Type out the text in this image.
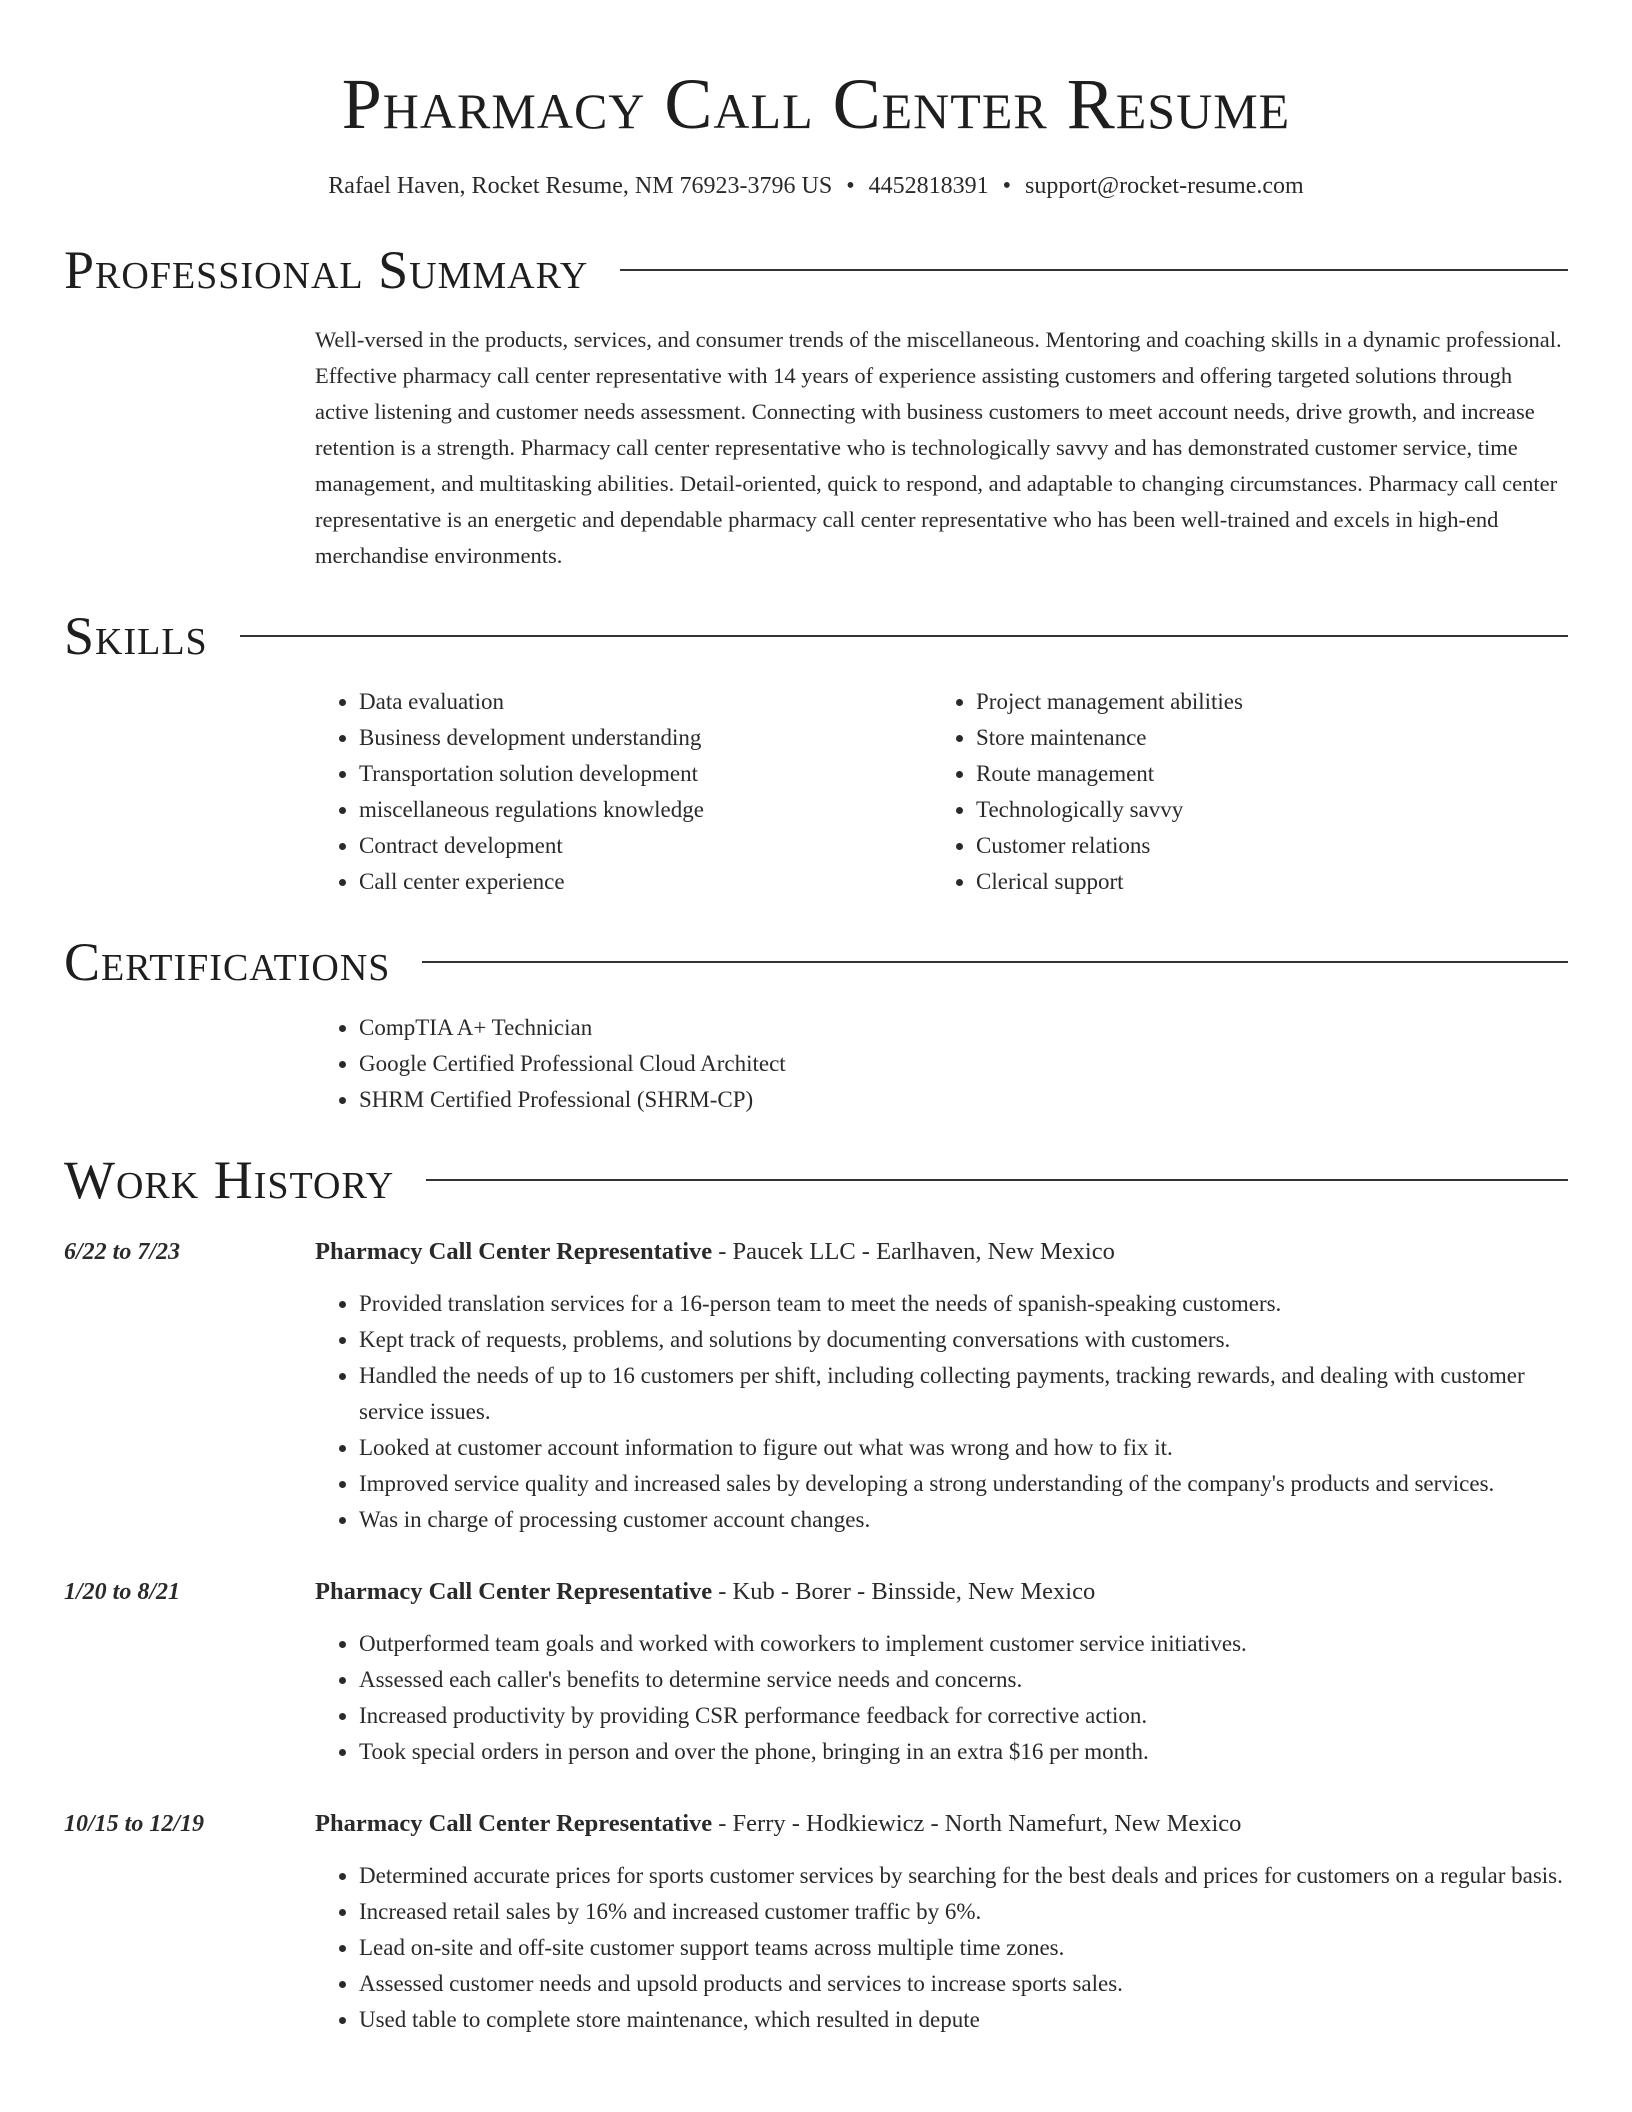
Pharmacy Call Center Resume
Rafael Haven, Rocket Resume, NM 76923-3796 US • 4452818391 • support@rocket-resume.com
Professional Summary
Well-versed in the products, services, and consumer trends of the miscellaneous. Mentoring and coaching skills in a dynamic professional. Effective pharmacy call center representative with 14 years of experience assisting customers and offering targeted solutions through active listening and customer needs assessment. Connecting with business customers to meet account needs, drive growth, and increase retention is a strength. Pharmacy call center representative who is technologically savvy and has demonstrated customer service, time management, and multitasking abilities. Detail-oriented, quick to respond, and adaptable to changing circumstances. Pharmacy call center representative is an energetic and dependable pharmacy call center representative who has been well-trained and excels in high-end merchandise environments.
Skills
• Data evaluation
• Business development understanding
• Transportation solution development
• miscellaneous regulations knowledge
• Contract development
• Call center experience
• Project management abilities
• Store maintenance
• Route management
• Technologically savvy
• Customer relations
• Clerical support
Certifications
• CompTIA A+ Technician
• Google Certified Professional Cloud Architect
• SHRM Certified Professional (SHRM-CP)
Work History
6/22 to 7/23	Pharmacy Call Center Representative - Paucek LLC - Earlhaven, New Mexico
• Provided translation services for a 16-person team to meet the needs of spanish-speaking customers.
• Kept track of requests, problems, and solutions by documenting conversations with customers.
• Handled the needs of up to 16 customers per shift, including collecting payments, tracking rewards, and dealing with customer service issues.
• Looked at customer account information to figure out what was wrong and how to fix it.
• Improved service quality and increased sales by developing a strong understanding of the company's products and services.
• Was in charge of processing customer account changes.
1/20 to 8/21	Pharmacy Call Center Representative - Kub - Borer - Binsside, New Mexico
• Outperformed team goals and worked with coworkers to implement customer service initiatives.
• Assessed each caller's benefits to determine service needs and concerns.
• Increased productivity by providing CSR performance feedback for corrective action.
• Took special orders in person and over the phone, bringing in an extra $16 per month.
10/15 to 12/19	Pharmacy Call Center Representative - Ferry - Hodkiewicz - North Namefurt, New Mexico
• Determined accurate prices for sports customer services by searching for the best deals and prices for customers on a regular basis.
• Increased retail sales by 16% and increased customer traffic by 6%.
• Lead on-site and off-site customer support teams across multiple time zones.
• Assessed customer needs and upsold products and services to increase sports sales.
• Used table to complete store maintenance, which resulted in depute
